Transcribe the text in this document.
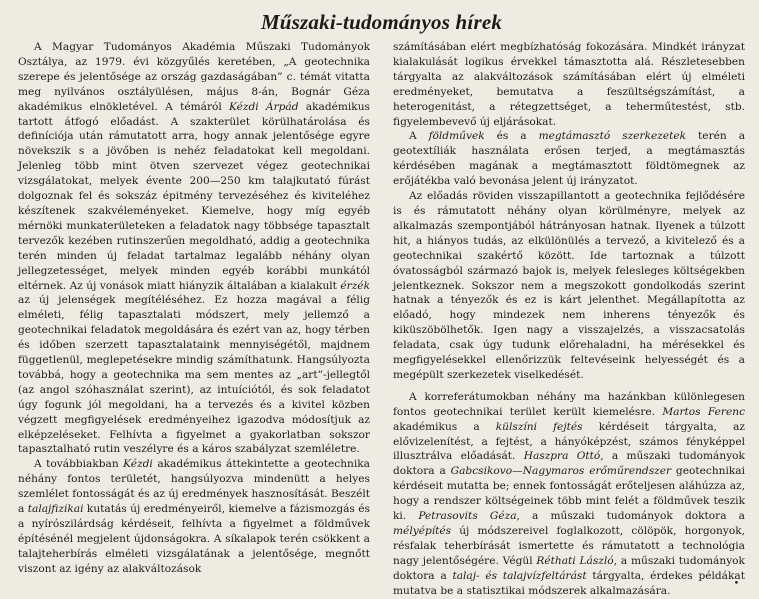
Műszaki-tudományos hírek

A Magyar Tudományos Akadémia Műszaki Tudományok Osztálya, az 1979. évi közgyűlés keretében, „A geotechnika szerepe és jelentősége az ország gazdaságában” c. témát vitatta meg nyilvános osztályülésen, május 8-án, Bognár Géza akadémikus elnökletével. A témáról Kézdi Árpád akadémikus tartott átfogó előadást. A szakterület körülhatárolása és definíciója után rámutatott arra, hogy annak jelentősége egyre növekszik s a jövőben is nehéz feladatokat kell megoldani. Jelenleg több mint ötven szervezet végez geotechnikai vizsgálatokat, melyek évente 200—250 km talajkutató fúrást dolgoznak fel és sokszáz épitmény tervezéséhez és kiviteléhez készítenek szakvéleményeket. Kiemelve, hogy míg egyéb mérnöki munkaterületeken a feladatok nagy többsége tapasztalt tervezők kezében rutinszerűen megoldható, addig a geotechnika terén minden új feladat tartalmaz legalább néhány olyan jellegzetességet, melyek minden egyéb korábbi munkától eltérnek. Az új vonások miatt hiányzik általában a kialakult érzék az új jelenségek megítéléséhez. Ez hozza magával a félig elméleti, félig tapasztalati módszert, mely jellemző a geotechnikai feladatok megoldására és ezért van az, hogy térben és időben szerzett tapasztalataink mennyiségétől, majdnem függetlenül, meglepetésekre mindig számíthatunk. Hangsúlyozta továbbá, hogy a geotechnika ma sem mentes az „art”-jellegtől (az angol szóhasználat szerint), az intuíciótól, és sok feladatot úgy fogunk jól megoldani, ha a tervezés és a kivitel közben végzett megfigyelések eredményeihez igazodva módosítjuk az elképzeléseket. Felhívta a figyelmet a gyakorlatban sokszor tapasztalható rutin veszélyre és a káros szabályzat szemléletre.

A továbbiakban Kézdi akadémikus áttekintette a geotechnika néhány fontos területét, hangsúlyozva mindenütt a helyes szemlélet fontosságát és az új eredmények hasznosítását. Beszélt a talajfizikai kutatás új eredményeiről, kiemelve a fázismozgás és a nyírószilárdság kérdéseit, felhívta a figyelmet a földművek építésénél megjelent újdonságokra. A síkalapok terén csökkent a talajteherbírás elméleti vizsgálatának a jelentősége, megnőtt viszont az igény az alakváltozások

számításában elért megbízhatóság fokozására. Mindkét irányzat kialakulását logikus érvekkel támasztotta alá. Részletesebben tárgyalta az alakváltozások számításában elért új elméleti eredményeket, bemutatva a feszültségszámítást, a heterogenitást, a rétegzettséget, a teherműtestést, stb. figyelembevevő új eljárásokat.

A földművek és a megtámasztó szerkezetek terén a geotextíliák használata erősen terjed, a megtámasztás kérdésében magának a megtámasztott földtömegnek az erőjátékba való bevonása jelent új irányzatot.

Az előadás röviden visszapillantott a geotechnika fejlődésére is és rámutatott néhány olyan körülményre, melyek az alkalmazás szempontjából hátrányosan hatnak. Ilyenek a túlzott hit, a hiányos tudás, az elkülönülés a tervező, a kivitelező és a geotechnikai szakértő között. Ide tartoznak a túlzott óvatosságból származó bajok is, melyek felesleges költségekben jelentkeznek. Sokszor nem a megszokott gondolkodás szerint hatnak a tényezők és ez is kárt jelenthet. Megállapította az előadó, hogy mindezek nem inherens tényezők és kiküszöbölhetők. Igen nagy a visszajelzés, a visszacsatolás feladata, csak úgy tudunk előrehaladni, ha mérésekkel és megfigyelésekkel ellenőrizzük feltevéseink helyességét és a megépült szerkezetek viselkedését.

A korreferátumokban néhány ma hazánkban különlegesen fontos geotechnikai terület került kiemelésre. Martos Ferenc akadémikus a külszíni fejtés kérdéseit tárgyalta, az elővizelenítést, a fejtést, a hányóképzést, számos fényképpel illusztrálva előadását. Haszpra Ottó, a műszaki tudományok doktora a Gabcsikovo—Nagymaros erőműrendszer geotechnikai kérdéseit mutatta be; ennek fontosságát erőteljesen aláhúzza az, hogy a rendszer költségeinek több mint felét a földművek teszik ki. Petrasovits Géza, a műszaki tudományok doktora a mélyépítés új módszereivel foglalkozott, cölöpök, horgonyok, résfalak teherbírását ismertette és rámutatott a technológia nagy jelentőségére. Végül Réthati László, a műszaki tudományok doktora a talaj- és talajvízfeltárást tárgyalta, érdekes példákat mutatva be a statisztikai módszerek alkalmazására.

•
